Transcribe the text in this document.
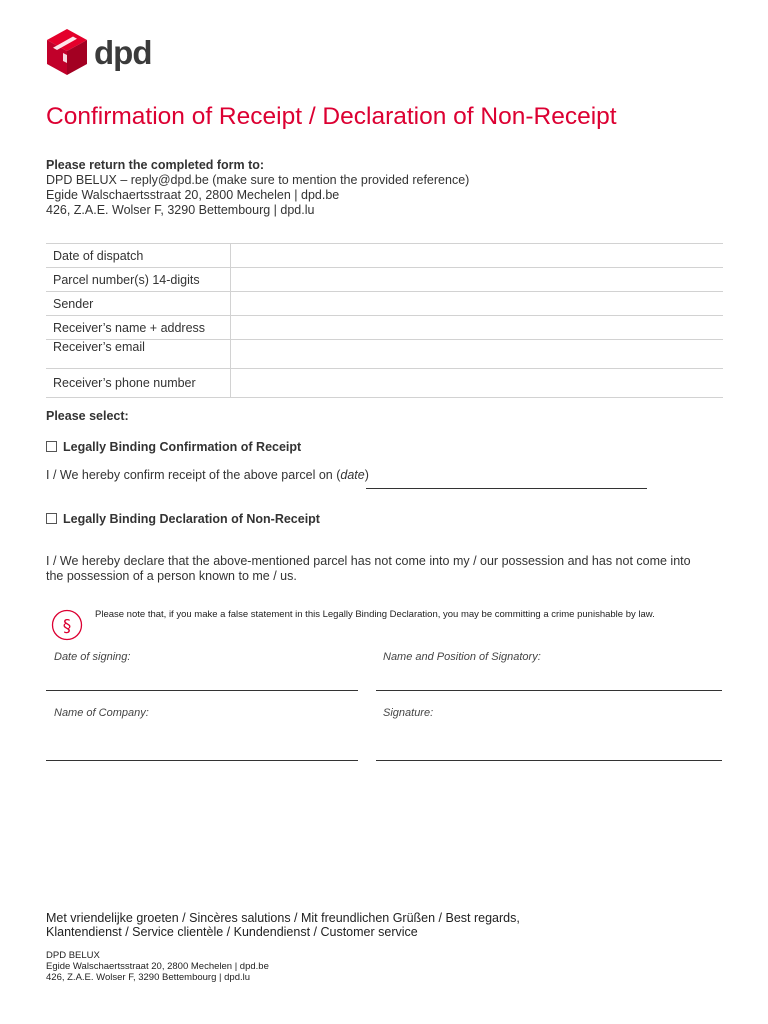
dpd
Confirmation of Receipt / Declaration of Non-Receipt
Please return the completed form to:
DPD BELUX – reply@dpd.be (make sure to mention the provided reference)
Egide Walschaertsstraat 20, 2800 Mechelen | dpd.be
426, Z.A.E. Wolser F, 3290 Bettembourg | dpd.lu
Date of dispatch	
Parcel number(s) 14-digits	
Sender	
Receiver’s name + address	
Receiver’s email	
Receiver’s phone number	
Please select:
Legally Binding Confirmation of Receipt
I / We hereby confirm receipt of the above parcel on (date)
Legally Binding Declaration of Non-Receipt
I / We hereby declare that the above-mentioned parcel has not come into my / our possession and has not come into
the possession of a person known to me / us.
§
Please note that, if you make a false statement in this Legally Binding Declaration, you may be committing a crime punishable by law.
Date of signing:	Name and Position of Signatory:
Name of Company:	Signature:
Met vriendelijke groeten / Sincères salutions / Mit freundlichen Grüßen / Best regards,
Klantendienst / Service clientèle / Kundendienst / Customer service
DPD BELUX
Egide Walschaertsstraat 20, 2800 Mechelen | dpd.be
426, Z.A.E. Wolser F, 3290 Bettembourg | dpd.lu
